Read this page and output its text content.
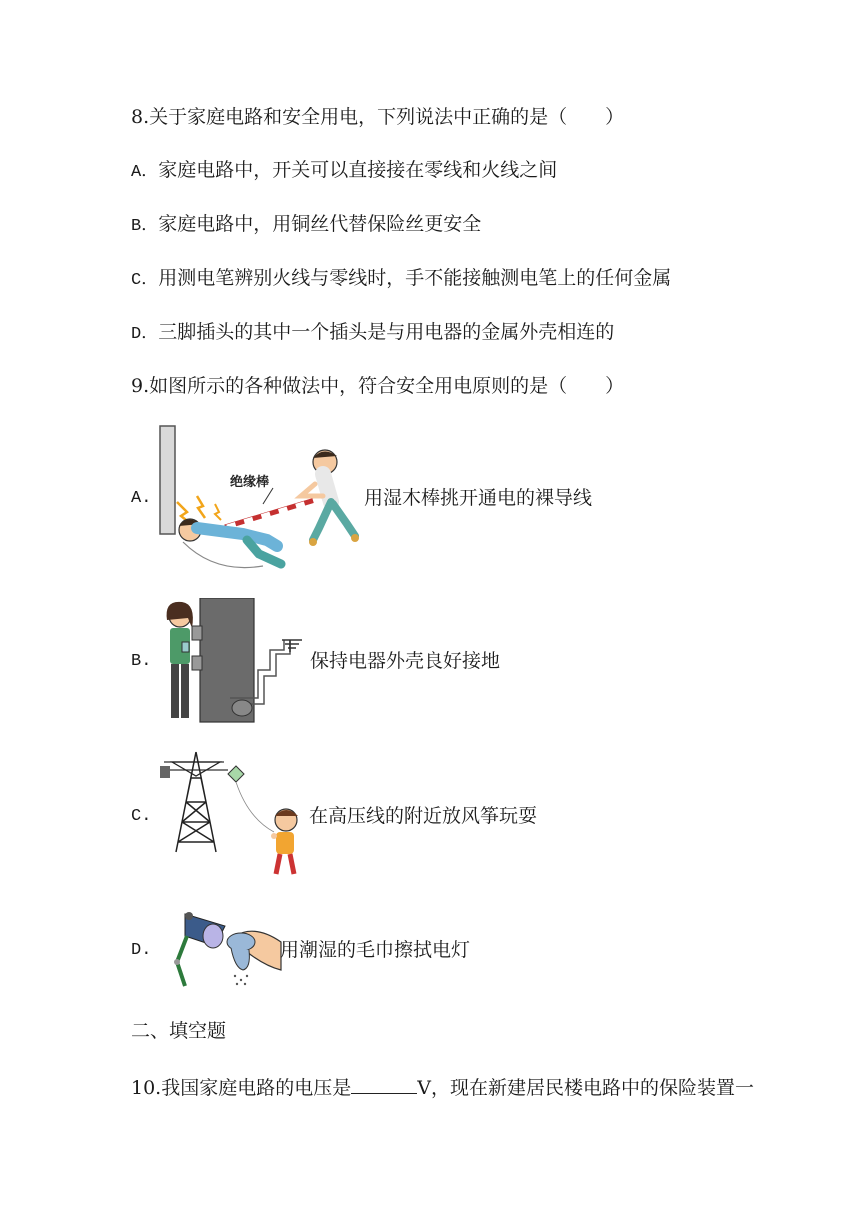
8.关于家庭电路和安全用电，下列说法中正确的是（　　）
A．家庭电路中，开关可以直接接在零线和火线之间
B．家庭电路中，用铜丝代替保险丝更安全
C．用测电笔辨别火线与零线时，手不能接触测电笔上的任何金属
D．三脚插头的其中一个插头是与用电器的金属外壳相连的
9.如图所示的各种做法中，符合安全用电原则的是（　　）
A.
绝缘棒
用湿木棒挑开通电的裸导线
B.	保持电器外壳良好接地
C.	在高压线的附近放风筝玩耍
D.	用潮湿的毛巾擦拭电灯
二、填空题
10.我国家庭电路的电压是	V，现在新建居民楼电路中的保险装置一
